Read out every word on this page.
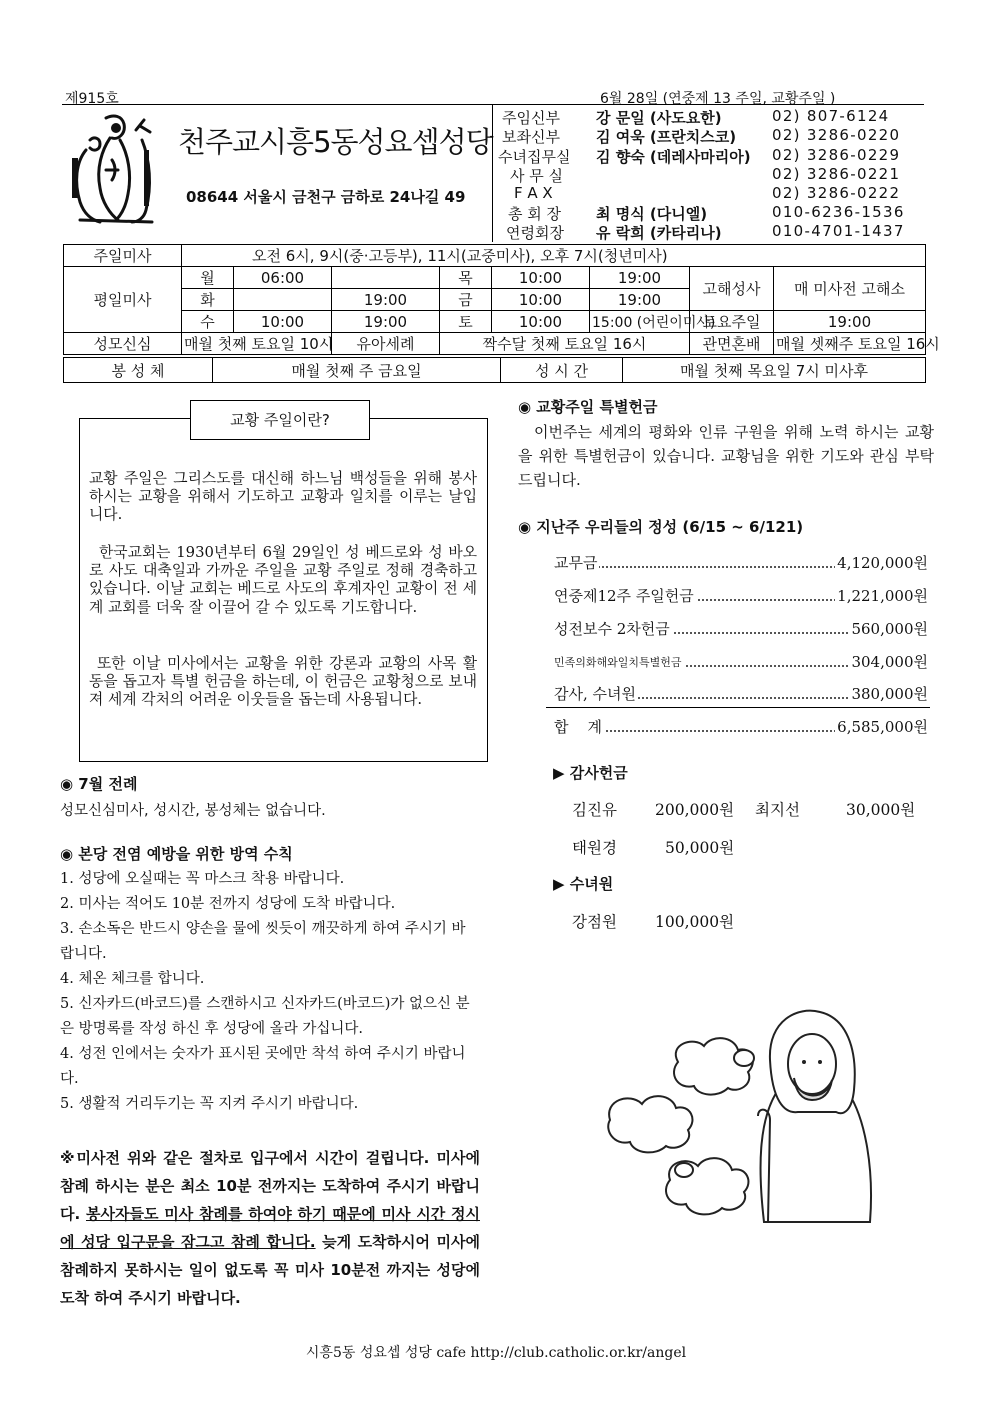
제915호	6월 28일 (연중제 13 주일, 교황주일 )
천주교시흥5동성요셉성당
08644 서울시 금천구 금하로 24나길 49
주임신부 강 문일 (사도요한)	02) 807-6124
보좌신부 김 여욱 (프란치스코) 02) 3286-0220
수녀집무실 김 향숙 (데레사마리아) 02) 3286-0229
사 무 실	02) 3286-0221
F A X	02) 3286-0222
총 회 장 최 명식 (다니엘)	010-6236-1536
연령회장 유 락희 (카타리나)	010-4701-1437
주일미사	오전 6시, 9시(중·고등부), 11시(교중미사), 오후 7시(청년미사)							
평일미사	월	06:00		목	10:00	19:00	고해성사	매 미사전 고해소
	화		19:00	금	10:00	19:00		
	수	10:00	19:00	토	10:00	15:00 (어린이미사)	토요주일	19:00
성모신심	매월 첫째 토요일 10시		유아세례	짝수달 첫째 토요일 16시			관면혼배	매월 셋째주 토요일 16시
봉 성 체	매월 첫째 주 금요일	성 시 간	매월 첫째 목요일 7시 미사후
교황 주일이란?
교황 주일은 그리스도를 대신해 하느님 백성들을 위해 봉사하시는 교황을 위해서 기도하고 교황과 일치를 이루는 날입니다.
한국교회는 1930년부터 6월 29일인 성 베드로와 성 바오로 사도 대축일과 가까운 주일을 교황 주일로 정해 경축하고 있습니다. 이날 교회는 베드로 사도의 후계자인 교황이 전 세계 교회를 더욱 잘 이끌어 갈 수 있도록 기도합니다.
또한 이날 미사에서는 교황을 위한 강론과 교황의 사목 활동을 돕고자 특별 헌금을 하는데, 이 헌금은 교황청으로 보내져 세계 각처의 어려운 이웃들을 돕는데 사용됩니다.
◉ 7월 전례
성모신심미사, 성시간, 봉성체는 없습니다.
◉ 본당 전염 예방을 위한 방역 수칙
1. 성당에 오실때는 꼭 마스크 착용 바랍니다.
2. 미사는 적어도 10분 전까지 성당에 도착 바랍니다.
3. 손소독은 반드시 양손을 물에 씻듯이 깨끗하게 하여 주시기 바랍니다.
4. 체온 체크를 합니다.
5. 신자카드(바코드)를 스캔하시고 신자카드(바코드)가 없으신 분은 방명록를 작성 하신 후 성당에 올라 가십니다.
4. 성전 인에서는 숫자가 표시된 곳에만 착석 하여 주시기 바랍니다.
5. 생활적 거리두기는 꼭 지켜 주시기 바랍니다.
※미사전 위와 같은 절차로 입구에서 시간이 걸립니다. 미사에 참례 하시는 분은 최소 10분 전까지는 도착하여 주시기 바랍니다. 봉사자들도 미사 참례를 하여야 하기 때문에 미사 시간 정시에 성당 입구문을 잠그고 참례 합니다. 늦게 도착하시어 미사에 참례하지 못하시는 일이 없도록 꼭 미사 10분전 까지는 성당에 도착 하여 주시기 바랍니다.
◉ 교황주일 특별헌금
이번주는 세계의 평화와 인류 구원을 위해 노력 하시는 교황을 위한 특별헌금이 있습니다. 교황님을 위한 기도와 관심 부탁드립니다.
◉ 지난주 우리들의 정성 (6/15 ~ 6/121)
교무금	4,120,000원
연중제12주 주일헌금	1,221,000원
성전보수 2차헌금	560,000원
민족의화해와일치특별헌금	304,000원
감사, 수녀원	380,000원
합    계	6,585,000원
▶ 감사헌금
김진유 200,000원 최지선	30,000원
태원경	50,000원
▶ 수녀원
강점원 100,000원
시흥5동 성요셉 성당 cafe http://club.catholic.or.kr/angel
